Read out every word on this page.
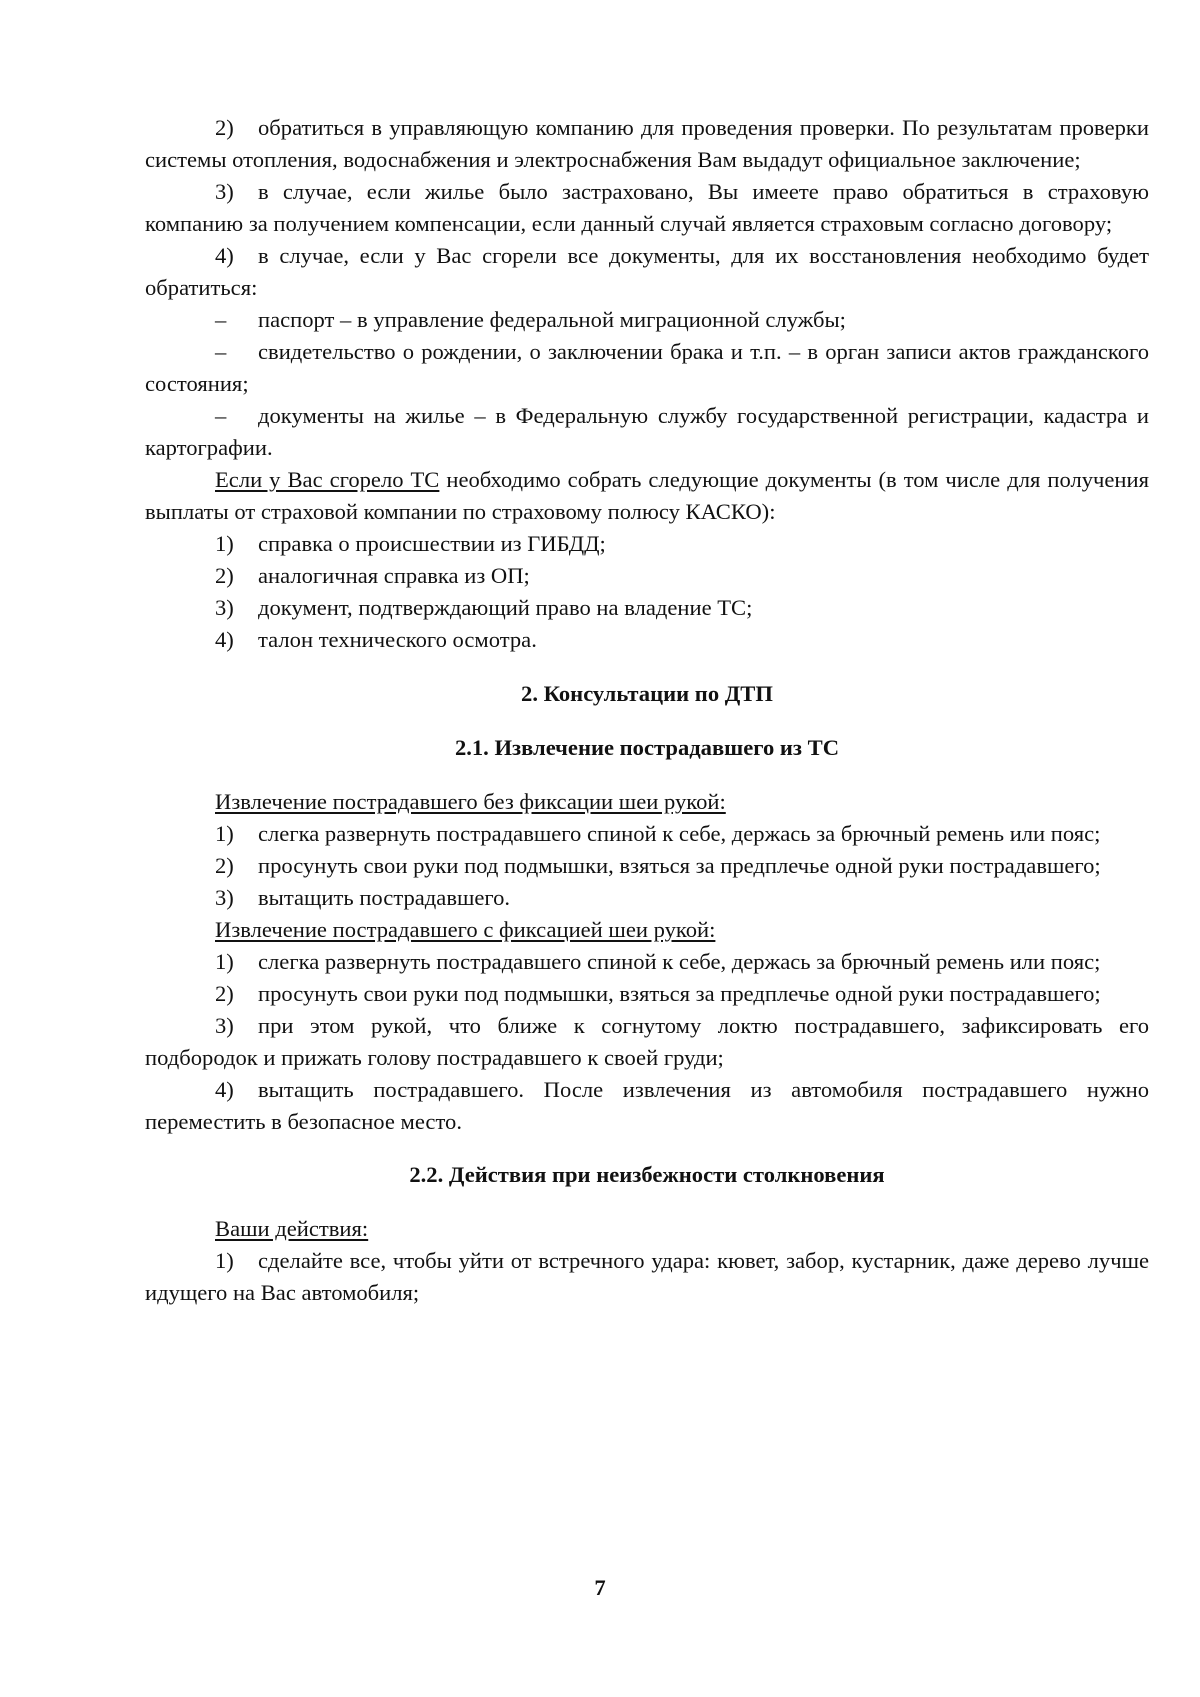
2) обратиться в управляющую компанию для проведения проверки. По результатам проверки системы отопления, водоснабжения и электроснабжения Вам выдадут официальное заключение;

3) в случае, если жилье было застраховано, Вы имеете право обратиться в страховую компанию за получением компенсации, если данный случай является страховым согласно договору;

4) в случае, если у Вас сгорели все документы, для их восстановления необходимо будет обратиться:

– паспорт – в управление федеральной миграционной службы;

– свидетельство о рождении, о заключении брака и т.п. – в орган записи актов гражданского состояния;

– документы на жилье – в Федеральную службу государственной регистрации, кадастра и картографии.

Если у Вас сгорело ТС необходимо собрать следующие документы (в том числе для получения выплаты от страховой компании по страховому полюсу КАСКО):

1) справка о происшествии из ГИБДД;

2) аналогичная справка из ОП;

3) документ, подтверждающий право на владение ТС;

4) талон технического осмотра.

2. Консультации по ДТП
2.1. Извлечение пострадавшего из ТС

Извлечение пострадавшего без фиксации шеи рукой:

1) слегка развернуть пострадавшего спиной к себе, держась за брючный ремень или пояс;

2) просунуть свои руки под подмышки, взяться за предплечье одной руки пострадавшего;

3) вытащить пострадавшего.

Извлечение пострадавшего с фиксацией шеи рукой:

1) слегка развернуть пострадавшего спиной к себе, держась за брючный ремень или пояс;

2) просунуть свои руки под подмышки, взяться за предплечье одной руки пострадавшего;

3) при этом рукой, что ближе к согнутому локтю пострадавшего, зафиксировать его подбородок и прижать голову пострадавшего к своей груди;

4) вытащить пострадавшего. После извлечения из автомобиля пострадавшего нужно переместить в безопасное место.

2.2. Действия при неизбежности столкновения

Ваши действия:

1) сделайте все, чтобы уйти от встречного удара: кювет, забор, кустарник, даже дерево лучше идущего на Вас автомобиля;

7
